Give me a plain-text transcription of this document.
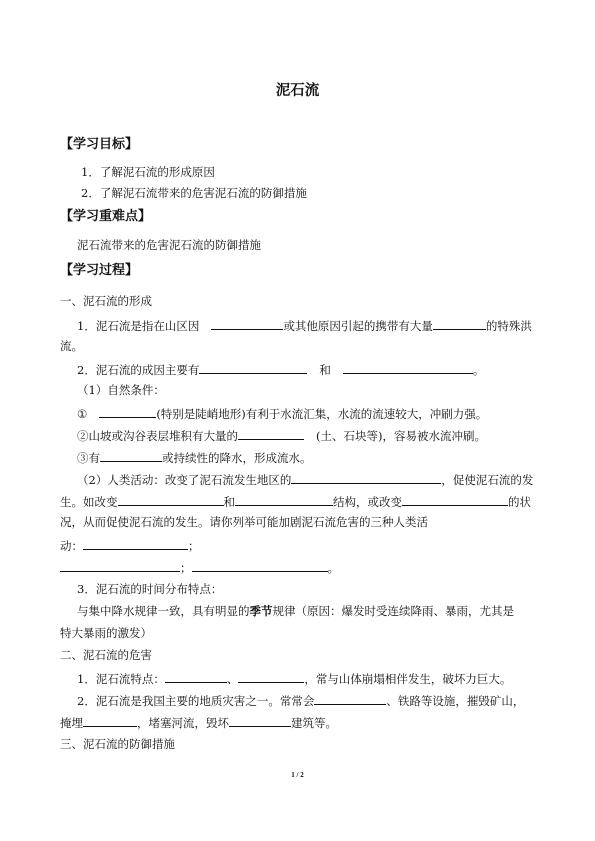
泥石流
【学习目标】
1．了解泥石流的形成原因
2．了解泥石流带来的危害泥石流的防御措施
【学习重难点】
泥石流带来的危害泥石流的防御措施
【学习过程】
一、泥石流的形成
1．泥石流是指在山区因	或其他原因引起的携带有大量	的特殊洪
流。
2．泥石流的成因主要有	和	。
（1）自然条件：
①	(特别是陡峭地形)有利于水流汇集，水流的流速较大，冲刷力强。
②山坡或沟谷表层堆积有大量的	(土、石块等)，容易被水流冲刷。
③有	或持续性的降水，形成流水。
（2）人类活动：改变了泥石流发生地区的	，促使泥石流的发
生。如改变	和	结构，或改变	的状
况，从而促使泥石流的发生。请你列举可能加剧泥石流危害的三种人类活
动：	；
；	。
3．泥石流的时间分布特点：
与集中降水规律一致，具有明显的季节规律（原因：爆发时受连续降雨、暴雨，尤其是
特大暴雨的激发）
二、泥石流的危害
1．泥石流特点：	、	，常与山体崩塌相伴发生，破坏力巨大。
2．泥石流是我国主要的地质灾害之一。常常会	、铁路等设施，摧毁矿山，
掩埋	，堵塞河流，毁坏	建筑等。
三、泥石流的防御措施
1 / 2
